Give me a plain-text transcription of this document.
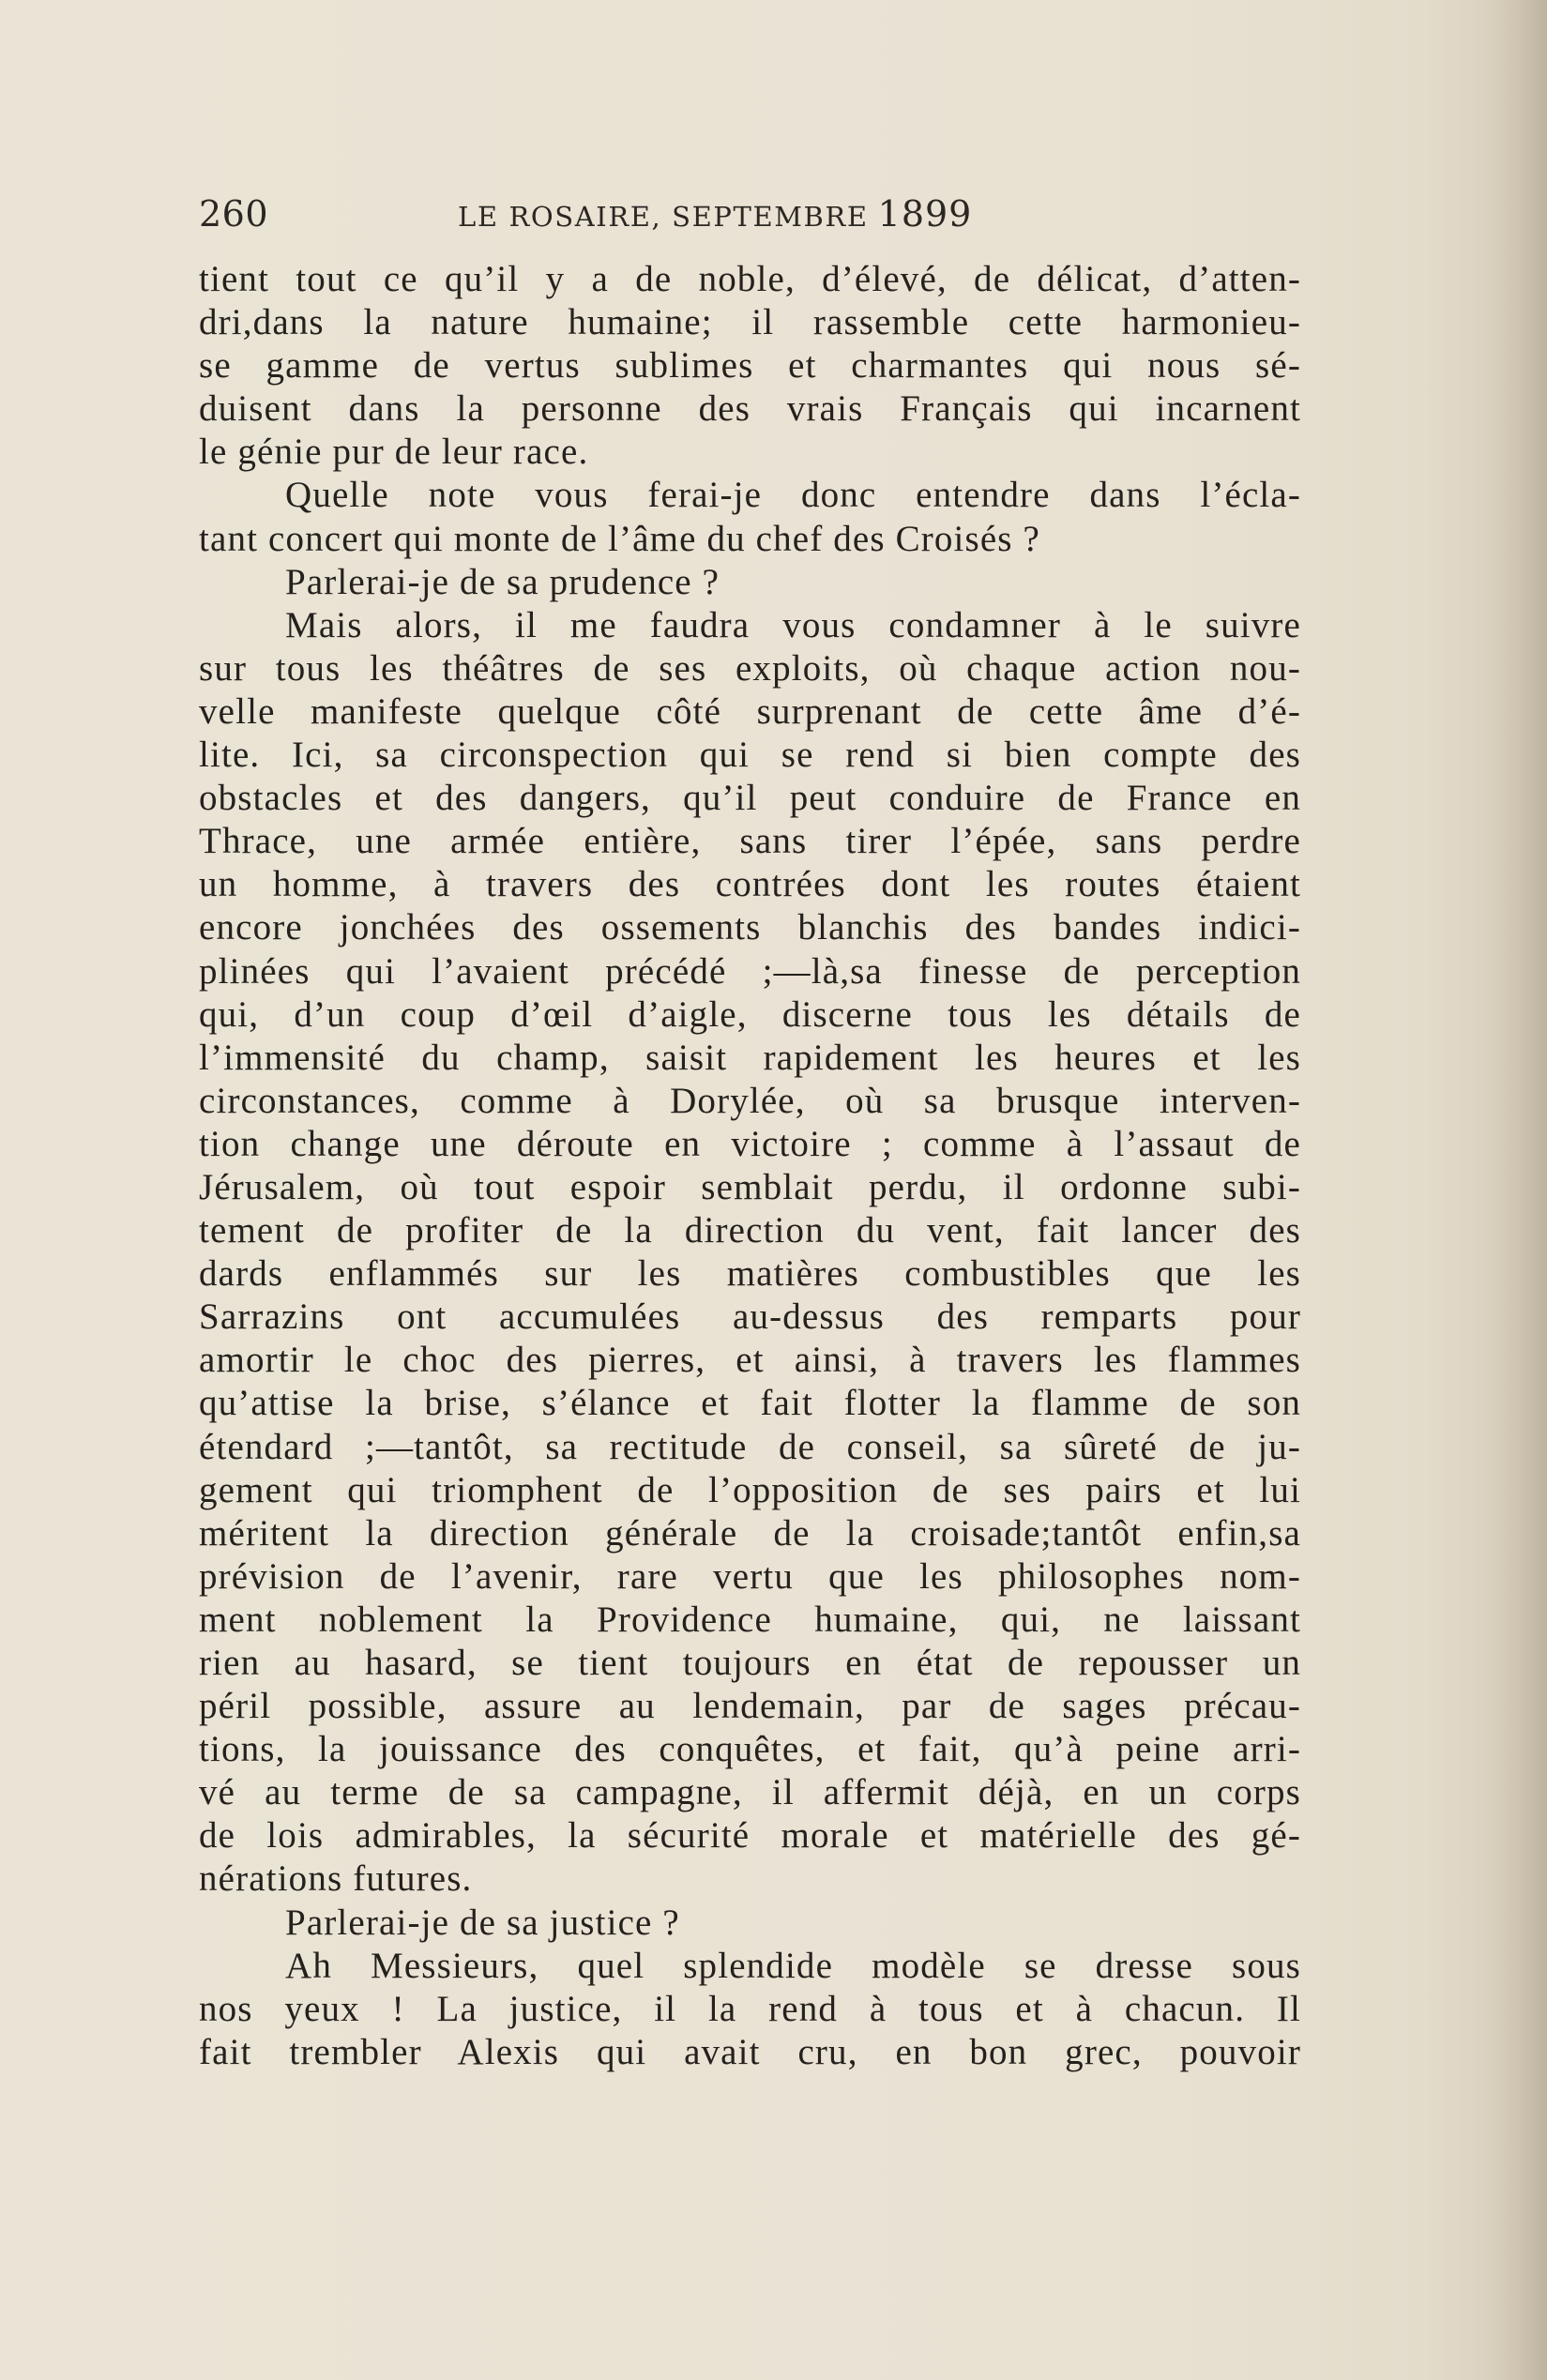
260	LE ROSAIRE, SEPTEMBRE 1899
tient tout ce qu’il y a de noble, d’élevé, de délicat, d’atten-
dri,dans la nature humaine; il rassemble cette harmonieu-
se gamme de vertus sublimes et charmantes qui nous sé-
duisent dans la personne des vrais Français qui incarnent
le génie pur de leur race.
Quelle note vous ferai-je donc entendre dans l’écla-
tant concert qui monte de l’âme du chef des Croisés ?
Parlerai-je de sa prudence ?
Mais alors, il me faudra vous condamner à le suivre
sur tous les théâtres de ses exploits, où chaque action nou-
velle manifeste quelque côté surprenant de cette âme d’é-
lite. Ici, sa circonspection qui se rend si bien compte des
obstacles et des dangers, qu’il peut conduire de France en
Thrace, une armée entière, sans tirer l’épée, sans perdre
un homme, à travers des contrées dont les routes étaient
encore jonchées des ossements blanchis des bandes indici-
plinées qui l’avaient précédé ;—là,sa finesse de perception
qui, d’un coup d’œil d’aigle, discerne tous les détails de
l’immensité du champ, saisit rapidement les heures et les
circonstances, comme à Dorylée, où sa brusque interven-
tion change une déroute en victoire ; comme à l’assaut de
Jérusalem, où tout espoir semblait perdu, il ordonne subi-
tement de profiter de la direction du vent, fait lancer des
dards enflammés sur les matières combustibles que les
Sarrazins ont accumulées au-dessus des remparts pour
amortir le choc des pierres, et ainsi, à travers les flammes
qu’attise la brise, s’élance et fait flotter la flamme de son
étendard ;—tantôt, sa rectitude de conseil, sa sûreté de ju-
gement qui triomphent de l’opposition de ses pairs et lui
méritent la direction générale de la croisade;tantôt enfin,sa
prévision de l’avenir, rare vertu que les philosophes nom-
ment noblement la Providence humaine, qui, ne laissant
rien au hasard, se tient toujours en état de repousser un
péril possible, assure au lendemain, par de sages précau-
tions, la jouissance des conquêtes, et fait, qu’à peine arri-
vé au terme de sa campagne, il affermit déjà, en un corps
de lois admirables, la sécurité morale et matérielle des gé-
nérations futures.
Parlerai-je de sa justice ?
Ah Messieurs, quel splendide modèle se dresse sous
nos yeux ! La justice, il la rend à tous et à chacun. Il
fait trembler Alexis qui avait cru, en bon grec, pouvoir
